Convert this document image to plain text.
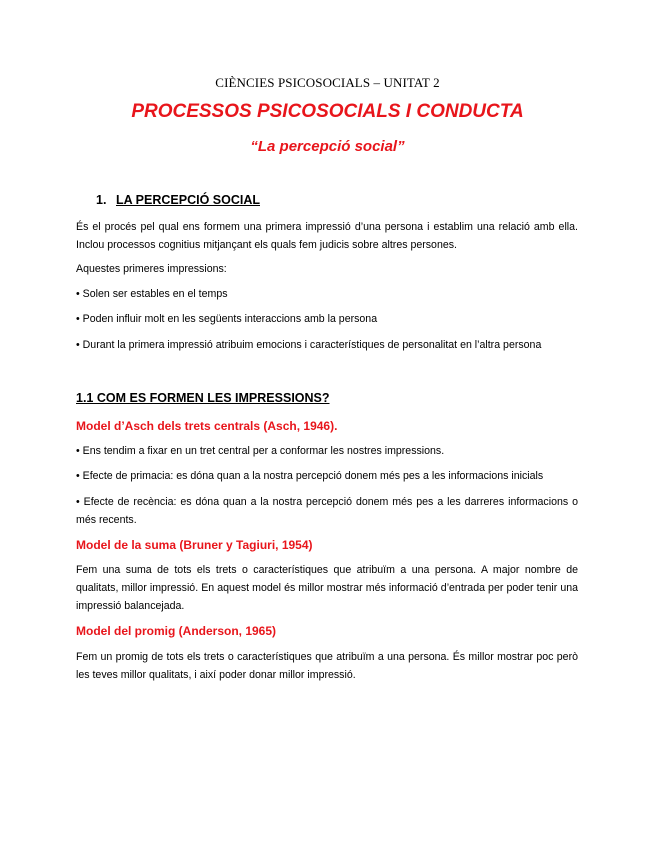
CIÈNCIES PSICOSOCIALS – UNITAT 2
PROCESSOS PSICOSOCIALS I CONDUCTA
“La percepció social”
1. LA PERCEPCIÓ SOCIAL
És el procés pel qual ens formem una primera impressió d’una persona i establim una relació amb ella. Inclou processos cognitius mitjançant els quals fem judicis sobre altres persones.
Aquestes primeres impressions:
• Solen ser estables en el temps
• Poden influir molt en les següents interaccions amb la persona
• Durant la primera impressió atribuim emocions i característiques de personalitat en l’altra persona
1.1 COM ES FORMEN LES IMPRESSIONS?
Model d’Asch dels trets centrals (Asch, 1946).
• Ens tendim a fixar en un tret central per a conformar les nostres impressions.
• Efecte de primacia: es dóna quan a la nostra percepció donem més pes a les informacions inicials
• Efecte de recència: es dóna quan a la nostra percepció donem més pes a les darreres informacions o més recents.
Model de la suma (Bruner y Tagiuri, 1954)
Fem una suma de tots els trets o característiques que atribuïm a una persona. A major nombre de qualitats, millor impressió. En aquest model és millor mostrar més informació d’entrada per poder tenir una impressió balancejada.
Model del promig (Anderson, 1965)
Fem un promig de tots els trets o característiques que atribuïm a una persona. És millor mostrar poc però les teves millor qualitats, i així poder donar millor impressió.
